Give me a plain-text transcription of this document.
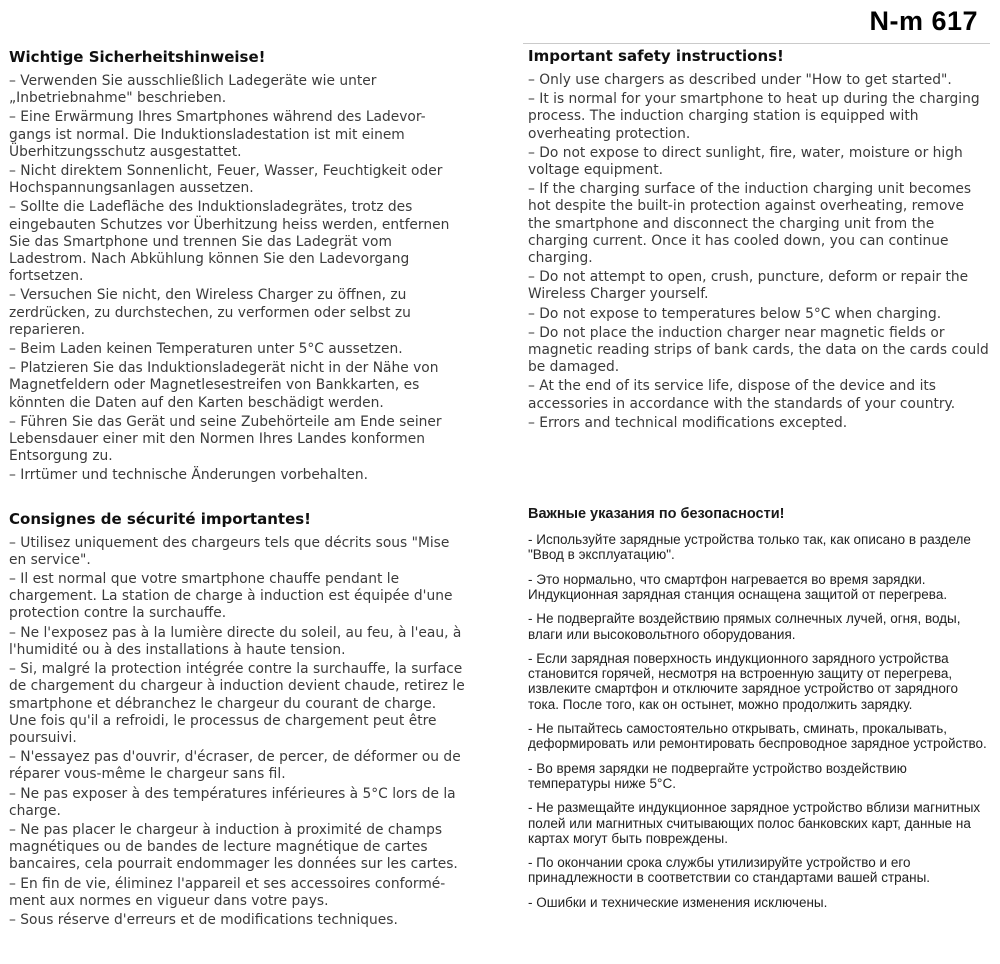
Wichtige Sicherheitshinweise!

– Verwenden Sie ausschließlich Ladegeräte wie unter „Inbetriebnahme" beschrieben.

– Eine Erwärmung Ihres Smartphones während des Ladevor-gangs ist normal. Die Induktionsladestation ist mit einem Überhitzungsschutz ausgestattet.

– Nicht direktem Sonnenlicht, Feuer, Wasser, Feuchtigkeit oder Hochspannungsanlagen aussetzen.

– Sollte die Ladefläche des Induktionsladegrätes, trotz des eingebauten Schutzes vor Überhitzung heiss werden, entfernen Sie das Smartphone und trennen Sie das Ladegrät vom Ladestrom. Nach Abkühlung können Sie den Ladevorgang fortsetzen.

– Versuchen Sie nicht, den Wireless Charger zu öffnen, zu zerdrücken, zu durchstechen, zu verformen oder selbst zu reparieren.

– Beim Laden keinen Temperaturen unter 5°C aussetzen.

– Platzieren Sie das Induktionsladegerät nicht in der Nähe von Magnetfeldern oder Magnetlesestreifen von Bankkarten, es könnten die Daten auf den Karten beschädigt werden.

– Führen Sie das Gerät und seine Zubehörteile am Ende seiner Lebensdauer einer mit den Normen Ihres Landes konformen Entsorgung zu.

– Irrtümer und technische Änderungen vorbehalten.

Consignes de sécurité importantes!

– Utilisez uniquement des chargeurs tels que décrits sous "Mise en service".

– Il est normal que votre smartphone chauffe pendant le chargement. La station de charge à induction est équipée d'une protection contre la surchauffe.

– Ne l'exposez pas à la lumière directe du soleil, au feu, à l'eau, à l'humidité ou à des installations à haute tension.

– Si, malgré la protection intégrée contre la surchauffe, la surface de chargement du chargeur à induction devient chaude, retirez le smartphone et débranchez le chargeur du courant de charge. Une fois qu'il a refroidi, le processus de chargement peut être poursuivi.

– N'essayez pas d'ouvrir, d'écraser, de percer, de déformer ou de réparer vous-même le chargeur sans fil.

– Ne pas exposer à des températures inférieures à 5°C lors de la charge.

– Ne pas placer le chargeur à induction à proximité de champs magnétiques ou de bandes de lecture magnétique de cartes bancaires, cela pourrait endommager les données sur les cartes.

– En fin de vie, éliminez l'appareil et ses accessoires conformé-ment aux normes en vigueur dans votre pays.

– Sous réserve d'erreurs et de modifications techniques.

N-m 617
Important safety instructions!

– Only use chargers as described under "How to get started".

– It is normal for your smartphone to heat up during the charging process. The induction charging station is equipped with overheating protection.

– Do not expose to direct sunlight, fire, water, moisture or high voltage equipment.

– If the charging surface of the induction charging unit becomes hot despite the built-in protection against overheating, remove the smartphone and disconnect the charging unit from the charging current. Once it has cooled down, you can continue charging.

– Do not attempt to open, crush, puncture, deform or repair the Wireless Charger yourself.

– Do not expose to temperatures below 5°C when charging.

– Do not place the induction charger near magnetic fields or magnetic reading strips of bank cards, the data on the cards could be damaged.

– At the end of its service life, dispose of the device and its accessories in accordance with the standards of your country.

– Errors and technical modifications excepted.

Важные указания по безопасности!

- Используйте зарядные устройства только так, как описано в разделе "Ввод в эксплуатацию".

- Это нормально, что смартфон нагревается во время зарядки. Индукционная зарядная станция оснащена защитой от перегрева.

- Не подвергайте воздействию прямых солнечных лучей, огня, воды, влаги или высоковольтного оборудования.

- Если зарядная поверхность индукционного зарядного устройства становится горячей, несмотря на встроенную защиту от перегрева, извлеките смартфон и отключите зарядное устройство от зарядного тока. После того, как он остынет, можно продолжить зарядку.

- Не пытайтесь самостоятельно открывать, сминать, прокалывать, деформировать или ремонтировать беспроводное зарядное устройство.

- Во время зарядки не подвергайте устройство воздействию температуры ниже 5°C.

- Не размещайте индукционное зарядное устройство вблизи магнитных полей или магнитных считывающих полос банковских карт, данные на картах могут быть повреждены.

- По окончании срока службы утилизируйте устройство и его принадлежности в соответствии со стандартами вашей страны.

- Ошибки и технические изменения исключены.
